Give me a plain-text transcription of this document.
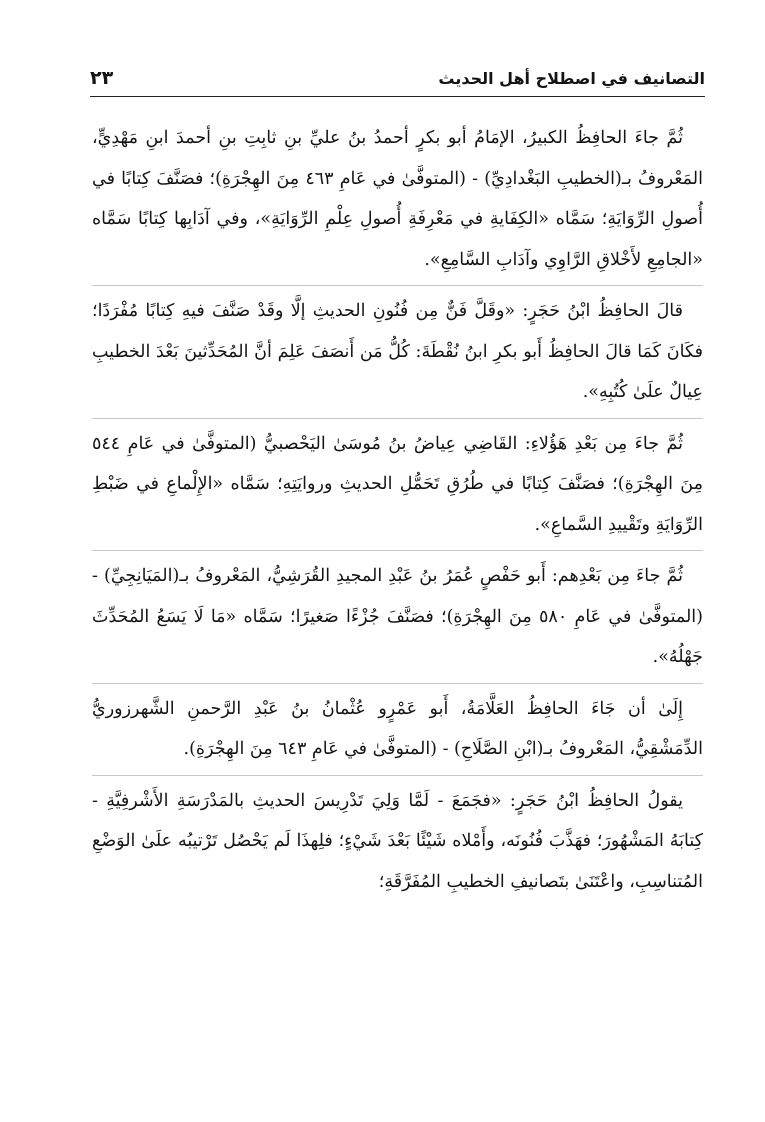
التصانيف في اصطلاح أهل الحديث
٢٣

ثُمَّ جاءَ الحافِظُ الكبيرُ، الإمَامُ أبو بكرٍ أحمدُ بنُ عليِّ بنِ ثابِتِ بنِ أحمدَ ابنِ مَهْدِيٍّ، المَعْروفُ بـ(الخطيبِ البَغْدادِيِّ) - (المتوفَّىٰ في عَامِ ٤٦٣ مِنَ الهِجْرَةِ)؛ فصَنَّفَ كِتابًا في أُصولِ الرِّوَايَةِ؛ سَمَّاه «الكِفَايةِ في مَعْرِفَةِ أُصولِ عِلْمِ الرِّوَايَةِ»، وفي آدَابِها كِتابًا سَمَّاه «الجامِعِ لأَخْلاقِ الرَّاوِي وآدَابِ السَّامِعِ».

قالَ الحافِظُ ابْنُ حَجَرٍ: «وقَلَّ فَنٌّ مِن فُنُونِ الحديثِ إلَّا وقَدْ صَنَّفَ فيهِ كِتابًا مُفْرَدًا؛ فكَانَ كَمَا قالَ الحافِظُ أَبو بكرِ ابنُ نُقْطَةَ: كُلُّ مَن أَنصَفَ عَلِمَ أنَّ المُحَدِّثينَ بَعْدَ الخطيبِ عِيالٌ علَىٰ كُتُبِهِ».

ثُمَّ جاءَ مِن بَعْدِ هَؤُلاءِ: القَاضِي عِياضُ بنُ مُوسَىٰ اليَحْصبيُّ (المتوفَّىٰ في عَامِ ٥٤٤ مِنَ الهِجْرَةِ)؛ فصَنَّفَ كِتابًا في طُرُقِ تَحَمُّلِ الحديثِ وروايَتِهِ؛ سَمَّاه «الإِلْماعِ في ضَبْطِ الرِّوَايَةِ وتَقْييدِ السَّماعِ».

ثُمَّ جاءَ مِن بَعْدِهم: أَبو حَفْصٍ عُمَرُ بنُ عَبْدِ المجيدِ القُرَشِيُّ، المَعْروفُ بـ(المَيَانِجِيِّ) - (المتوفَّىٰ في عَامِ ٥٨٠ مِنَ الهِجْرَةِ)؛ فصَنَّفَ جُزْءًا صَغيرًا؛ سَمَّاه «مَا لَا يَسَعُ المُحَدِّثَ جَهْلُهُ».

إِلَىٰ أن جَاءَ الحافِظُ العَلَّامَةُ، أَبو عَمْرٍو عُثْمانُ بنُ عَبْدِ الرَّحمنِ الشَّهرزوريُّ الدِّمَشْقِيُّ، المَعْروفُ بـ(ابْنِ الصَّلَاحِ) - (المتوفَّىٰ في عَامِ ٦٤٣ مِنَ الهِجْرَةِ).

يقولُ الحافِظُ ابْنُ حَجَرٍ: «فجَمَعَ - لَمَّا وَلِيَ تَدْرِيسَ الحديثِ بالمَدْرَسَةِ الأَشْرفِيَّةِ - كِتابَهُ المَشْهُورَ؛ فهَذَّبَ فُنُونَه، وأَمْلاه شَيْئًا بَعْدَ شَيْءٍ؛ فلِهذَا لَم يَحْصُل تَرْتيبُه علَىٰ الوَضْعِ المُتناسِبِ، واعْتَنَىٰ بتَصانيفِ الخطيبِ المُفَرَّقَةِ؛
